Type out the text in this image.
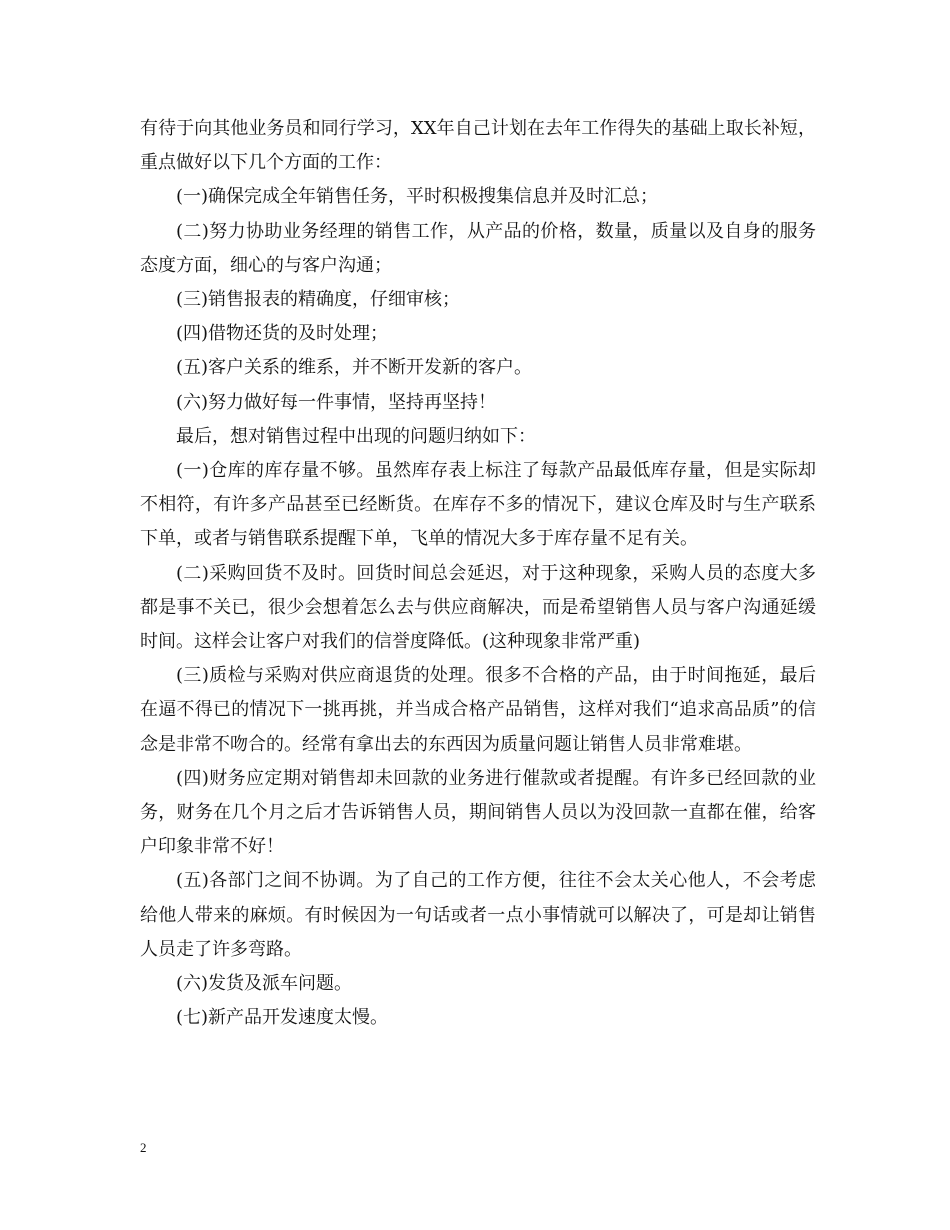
有待于向其他业务员和同行学习，XX年自己计划在去年工作得失的基础上取长补短，重点做好以下几个方面的工作：

(一)确保完成全年销售任务，平时积极搜集信息并及时汇总；

(二)努力协助业务经理的销售工作，从产品的价格，数量，质量以及自身的服务态度方面，细心的与客户沟通；

(三)销售报表的精确度，仔细审核；

(四)借物还货的及时处理；

(五)客户关系的维系，并不断开发新的客户。

(六)努力做好每一件事情，坚持再坚持！

最后，想对销售过程中出现的问题归纳如下：

(一)仓库的库存量不够。虽然库存表上标注了每款产品最低库存量，但是实际却不相符，有许多产品甚至已经断货。在库存不多的情况下，建议仓库及时与生产联系下单，或者与销售联系提醒下单，飞单的情况大多于库存量不足有关。

(二)采购回货不及时。回货时间总会延迟，对于这种现象，采购人员的态度大多都是事不关已，很少会想着怎么去与供应商解决，而是希望销售人员与客户沟通延缓时间。这样会让客户对我们的信誉度降低。(这种现象非常严重)

(三)质检与采购对供应商退货的处理。很多不合格的产品，由于时间拖延，最后在逼不得已的情况下一挑再挑，并当成合格产品销售，这样对我们“追求高品质”的信念是非常不吻合的。经常有拿出去的东西因为质量问题让销售人员非常难堪。

(四)财务应定期对销售却未回款的业务进行催款或者提醒。有许多已经回款的业务，财务在几个月之后才告诉销售人员，期间销售人员以为没回款一直都在催，给客户印象非常不好！

(五)各部门之间不协调。为了自己的工作方便，往往不会太关心他人，不会考虑给他人带来的麻烦。有时候因为一句话或者一点小事情就可以解决了，可是却让销售人员走了许多弯路。

(六)发货及派车问题。

(七)新产品开发速度太慢。

2
